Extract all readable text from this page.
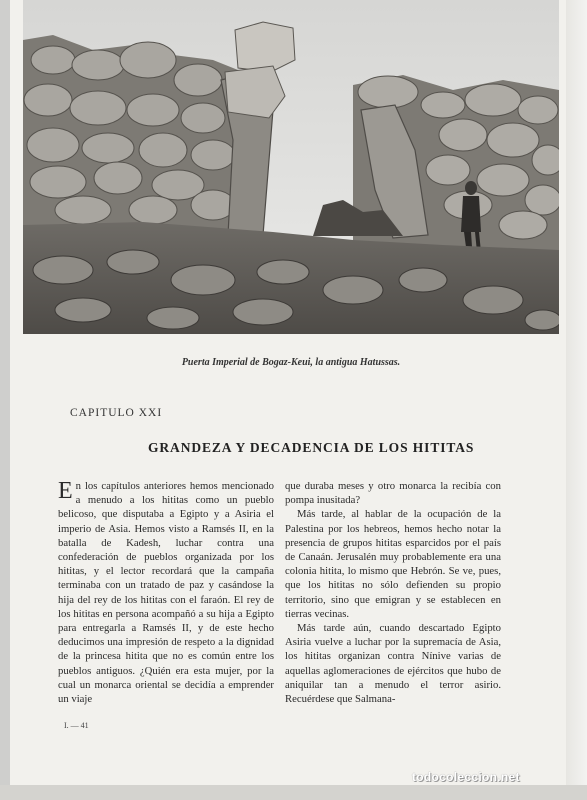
Puerta Imperial de Bogaz-Keui, la antigua Hatussas.
CAPITULO XXI
GRANDEZA Y DECADENCIA DE LOS HITITAS

En los capítulos anteriores hemos mencionado a menudo a los hititas como un pueblo belicoso, que disputaba a Egipto y a Asiria el imperio de Asia. Hemos visto a Ramsés II, en la batalla de Kadesh, luchar contra una confederación de pueblos organizada por los hititas, y el lector recordará que la campaña terminaba con un tratado de paz y casándose la hija del rey de los hititas con el faraón. El rey de los hititas en persona acompañó a su hija a Egipto para entregarla a Ramsés II, y de este hecho deducimos una impresión de respeto a la dignidad de la princesa hitita que no es común entre los pueblos antiguos. ¿Quién era esta mujer, por la cual un monarca oriental se decidía a emprender un viaje

que duraba meses y otro monarca la recibía con pompa inusitada?

Más tarde, al hablar de la ocupación de la Palestina por los hebreos, hemos hecho notar la presencia de grupos hititas esparcidos por el país de Canaán. Jerusalén muy probablemente era una colonia hitita, lo mismo que Hebrón. Se ve, pues, que los hititas no sólo defienden su propio territorio, sino que emigran y se establecen en tierras vecinas.

Más tarde aún, cuando descartado Egipto Asiria vuelve a luchar por la supremacía de Asia, los hititas organizan contra Nínive varias de aquellas aglomeraciones de ejércitos que hubo de aniquilar tan a menudo el terror asirio. Recuérdese que Salmana-

I. — 41
todocoleccion.net
